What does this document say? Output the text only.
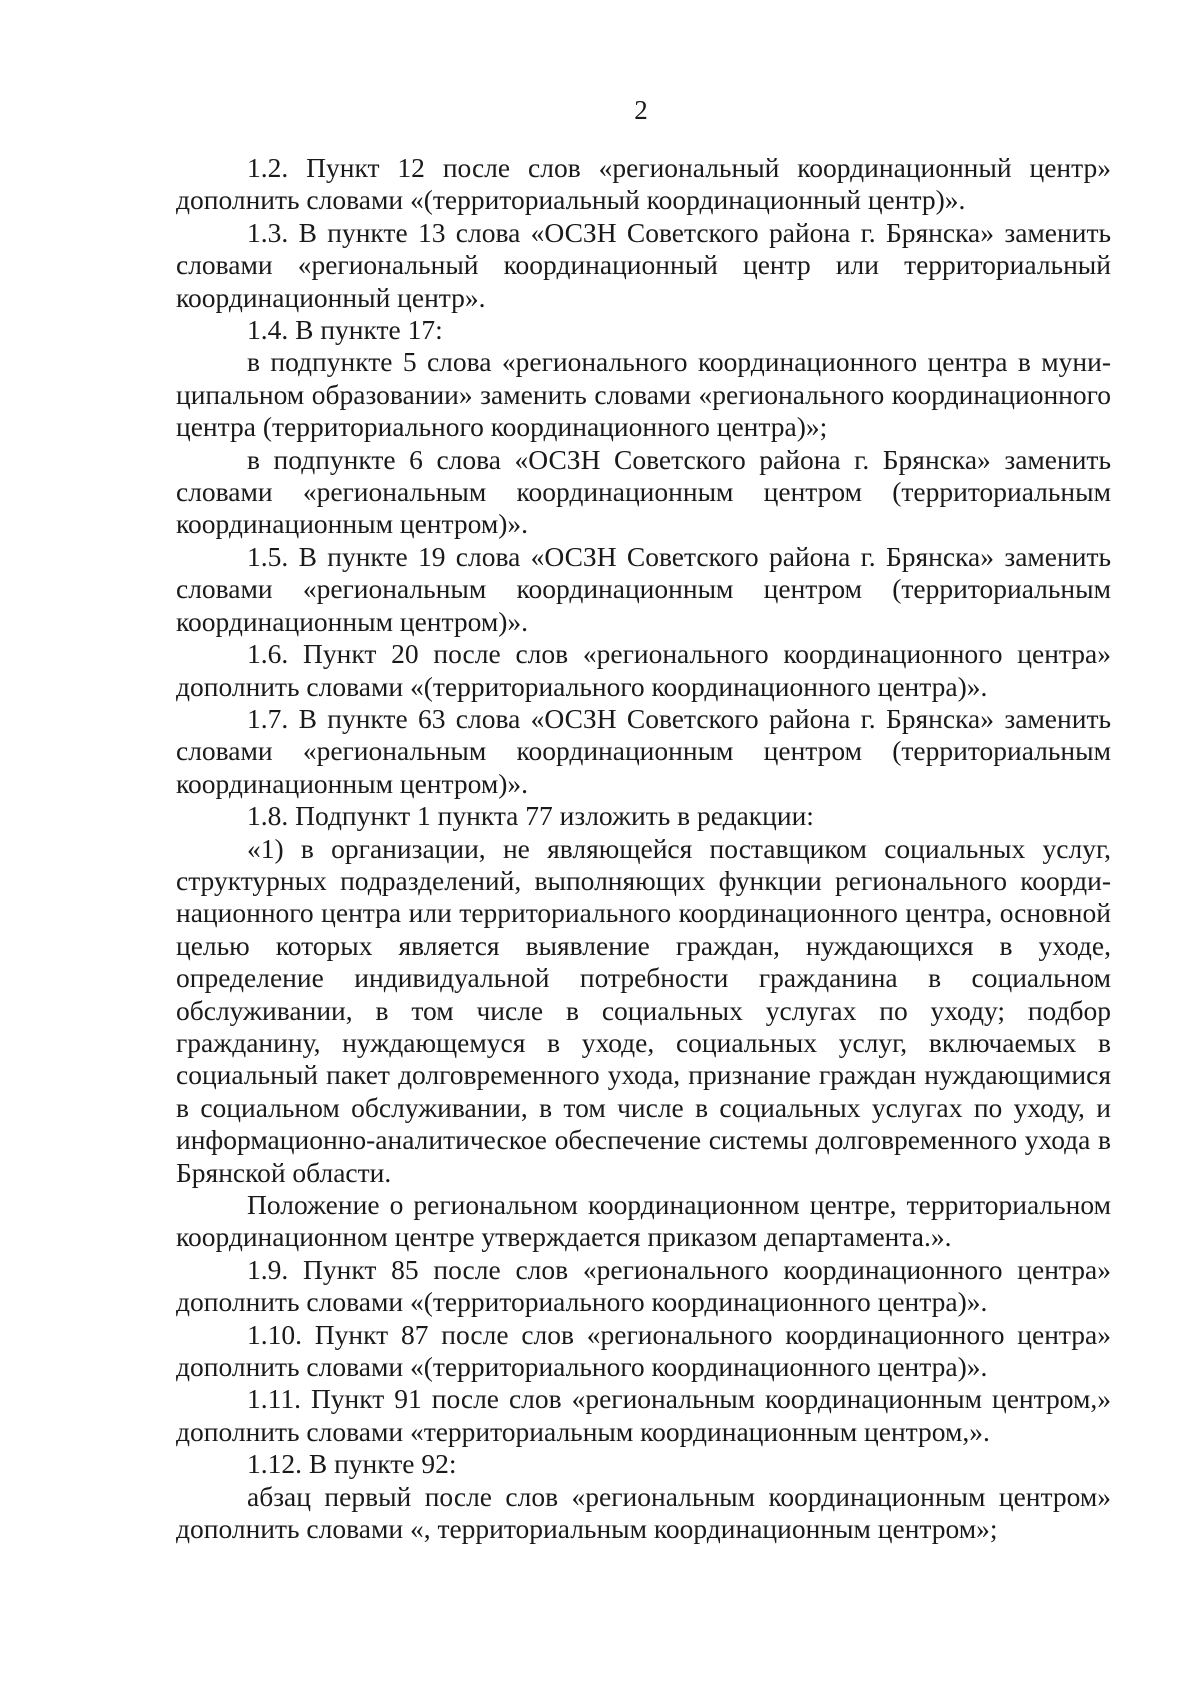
2

1.2. Пункт 12 после слов «региональный координационный центр» дополнить словами «(территориальный координационный центр)».

1.3. В пункте 13 слова «ОСЗН Советского района г. Брянска» заменить словами «региональный координационный центр или территориальный координационный центр».

1.4. В пункте 17:

в подпункте 5 слова «регионального координационного центра в муниципальном образовании» заменить словами «регионального координационного центра (территориального координационного центра)»;

в подпункте 6 слова «ОСЗН Советского района г. Брянска» заменить словами «региональным координационным центром (территориальным координационным центром)».

1.5. В пункте 19 слова «ОСЗН Советского района г. Брянска» заменить словами «региональным координационным центром (территориальным координационным центром)».

1.6. Пункт 20 после слов «регионального координационного центра» дополнить словами «(территориального координационного центра)».

1.7. В пункте 63 слова «ОСЗН Советского района г. Брянска» заменить словами «региональным координационным центром (территориальным координационным центром)».

1.8. Подпункт 1 пункта 77 изложить в редакции:

«1) в организации, не являющейся поставщиком социальных услуг, структурных подразделений, выполняющих функции регионального координационного центра или территориального координационного центра, основной целью которых является выявление граждан, нуждающихся в уходе, определение индивидуальной потребности гражданина в социальном обслуживании, в том числе в социальных услугах по уходу; подбор гражданину, нуждающемуся в уходе, социальных услуг, включаемых в социальный пакет долговременного ухода, признание граждан нуждающимися в социальном обслуживании, в том числе в социальных услугах по уходу, и информационно-аналитическое обеспечение системы долговременного ухода в Брянской области.

Положение о региональном координационном центре, территориальном координационном центре утверждается приказом департамента.».

1.9. Пункт 85 после слов «регионального координационного центра» дополнить словами «(территориального координационного центра)».

1.10. Пункт 87 после слов «регионального координационного центра» дополнить словами «(территориального координационного центра)».

1.11. Пункт 91 после слов «региональным координационным центром,» дополнить словами «территориальным координационным центром,».

1.12. В пункте 92:

абзац первый после слов «региональным координационным центром» дополнить словами «, территориальным координационным центром»;
